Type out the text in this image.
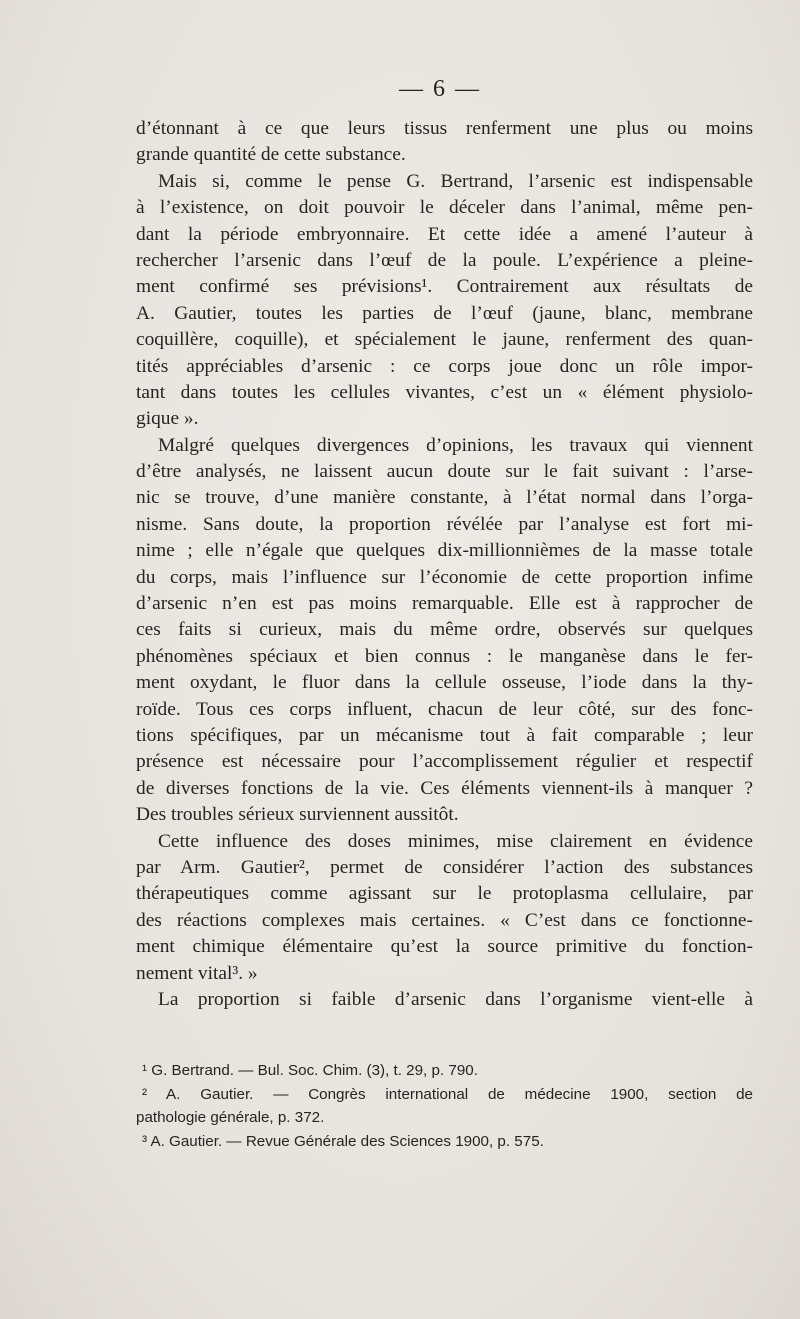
— 6 —
d’étonnant à ce que leurs tissus renferment une plus ou moins
grande quantité de cette substance.
Mais si, comme le pense G. Bertrand, l’arsenic est indispensable
à l’existence, on doit pouvoir le déceler dans l’animal, même pen-
dant la période embryonnaire. Et cette idée a amené l’auteur à
rechercher l’arsenic dans l’œuf de la poule. L’expérience a pleine-
ment confirmé ses prévisions¹. Contrairement aux résultats de
A. Gautier, toutes les parties de l’œuf (jaune, blanc, membrane
coquillère, coquille), et spécialement le jaune, renferment des quan-
tités appréciables d’arsenic : ce corps joue donc un rôle impor-
tant dans toutes les cellules vivantes, c’est un « élément physiolo-
gique ».
Malgré quelques divergences d’opinions, les travaux qui viennent
d’être analysés, ne laissent aucun doute sur le fait suivant : l’arse-
nic se trouve, d’une manière constante, à l’état normal dans l’orga-
nisme. Sans doute, la proportion révélée par l’analyse est fort mi-
nime ; elle n’égale que quelques dix-millionnièmes de la masse totale
du corps, mais l’influence sur l’économie de cette proportion infime
d’arsenic n’en est pas moins remarquable. Elle est à rapprocher de
ces faits si curieux, mais du même ordre, observés sur quelques
phénomènes spéciaux et bien connus : le manganèse dans le fer-
ment oxydant, le fluor dans la cellule osseuse, l’iode dans la thy-
roïde. Tous ces corps influent, chacun de leur côté, sur des fonc-
tions spécifiques, par un mécanisme tout à fait comparable ; leur
présence est nécessaire pour l’accomplissement régulier et respectif
de diverses fonctions de la vie. Ces éléments viennent-ils à manquer ?
Des troubles sérieux surviennent aussitôt.
Cette influence des doses minimes, mise clairement en évidence
par Arm. Gautier², permet de considérer l’action des substances
thérapeutiques comme agissant sur le protoplasma cellulaire, par
des réactions complexes mais certaines. « C’est dans ce fonctionne-
ment chimique élémentaire qu’est la source primitive du fonction-
nement vital³. »
La proportion si faible d’arsenic dans l’organisme vient-elle à
¹ G. Bertrand. — Bul. Soc. Chim. (3), t. 29, p. 790.
² A. Gautier. — Congrès international de médecine 1900, section de
pathologie générale, p. 372.
³ A. Gautier. — Revue Générale des Sciences 1900, p. 575.
